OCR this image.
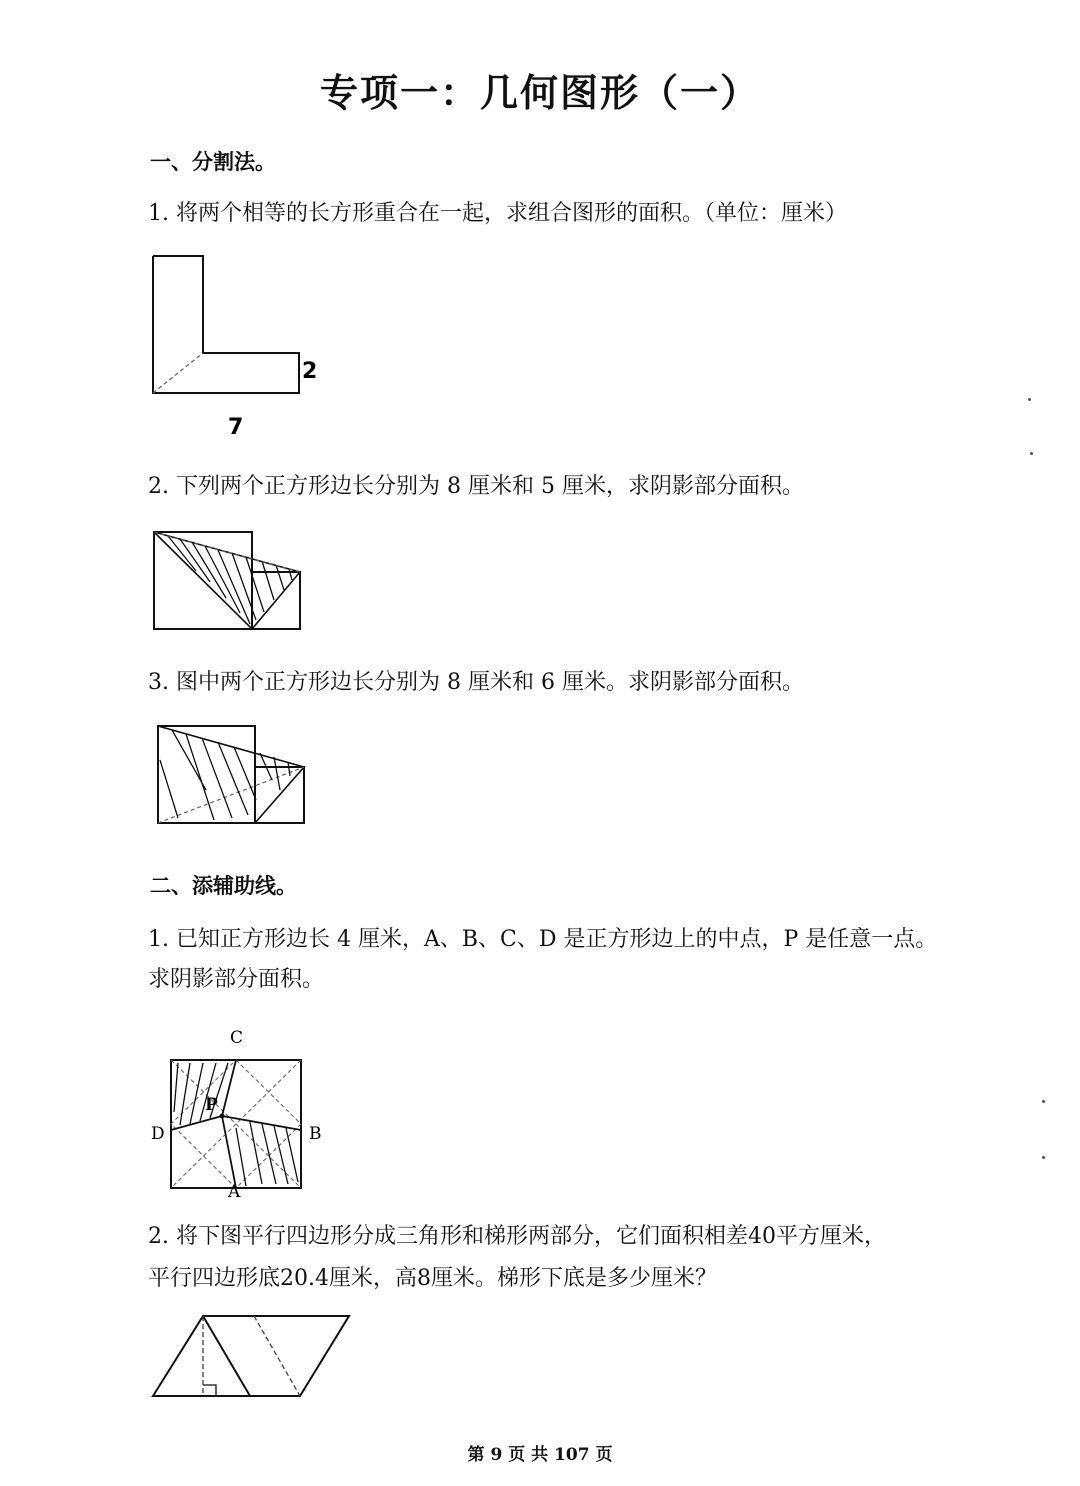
专项一：几何图形（一）
一、分割法。
1. 将两个相等的长方形重合在一起，求组合图形的面积。（单位：厘米）
2
7
2. 下列两个正方形边长分别为 8 厘米和 5 厘米，求阴影部分面积。
3. 图中两个正方形边长分别为 8 厘米和 6 厘米。求阴影部分面积。
二、添辅助线。
1. 已知正方形边长 4 厘米，A、B、C、D 是正方形边上的中点，P 是任意一点。
求阴影部分面积。
C
D	B
A
P
2. 将下图平行四边形分成三角形和梯形两部分，它们面积相差40平方厘米，
平行四边形底20.4厘米，高8厘米。梯形下底是多少厘米？
第 9 页 共 107 页
